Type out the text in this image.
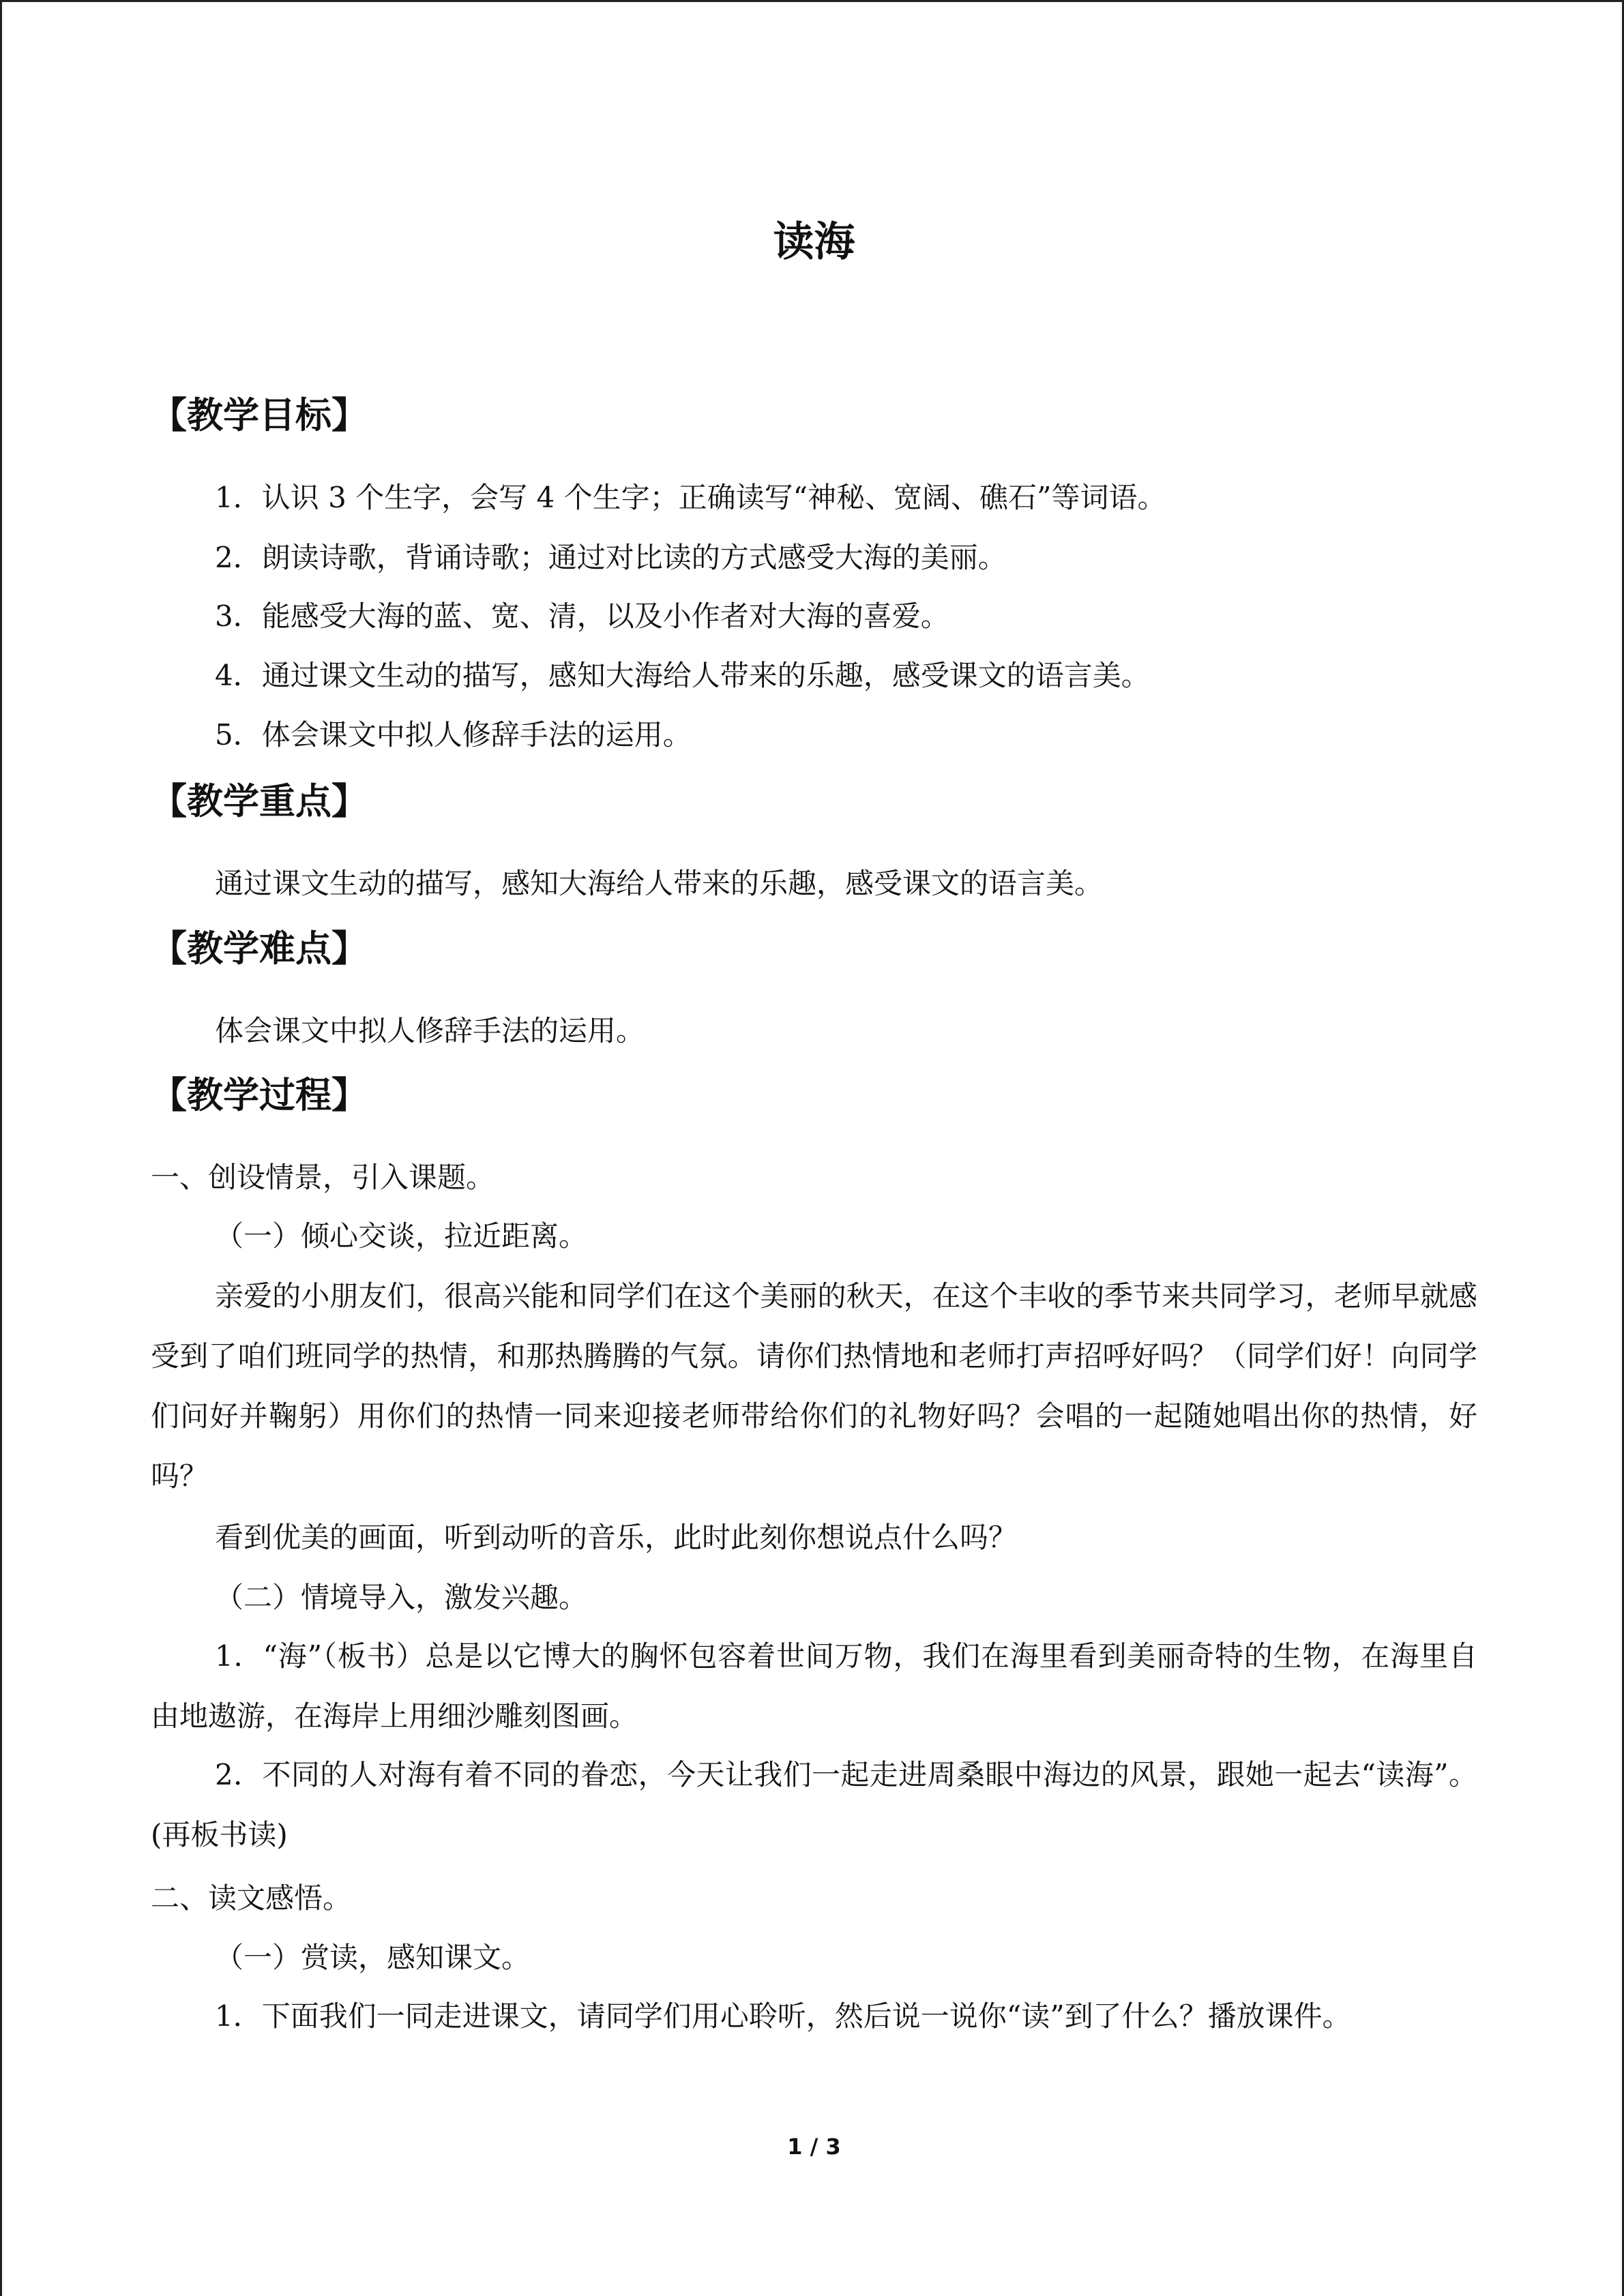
读海
【教学目标】
1．认识 3 个生字，会写 4 个生字；正确读写“神秘、宽阔、礁石”等词语。
2．朗读诗歌，背诵诗歌；通过对比读的方式感受大海的美丽。
3．能感受大海的蓝、宽、清，以及小作者对大海的喜爱。
4．通过课文生动的描写，感知大海给人带来的乐趣，感受课文的语言美。
5．体会课文中拟人修辞手法的运用。
【教学重点】
通过课文生动的描写，感知大海给人带来的乐趣，感受课文的语言美。
【教学难点】
体会课文中拟人修辞手法的运用。
【教学过程】
一、创设情景，引入课题。
（一）倾心交谈，拉近距离。
亲爱的小朋友们，很高兴能和同学们在这个美丽的秋天，在这个丰收的季节来共同学习，老师早就感受到了咱们班同学的热情，和那热腾腾的气氛。请你们热情地和老师打声招呼好吗？（同学们好！向同学们问好并鞠躬）用你们的热情一同来迎接老师带给你们的礼物好吗？会唱的一起随她唱出你的热情，好吗？
看到优美的画面，听到动听的音乐，此时此刻你想说点什么吗？
（二）情境导入，激发兴趣。
1．“海”（板书）总是以它博大的胸怀包容着世间万物，我们在海里看到美丽奇特的生物，在海里自由地遨游，在海岸上用细沙雕刻图画。
2．不同的人对海有着不同的眷恋，今天让我们一起走进周桑眼中海边的风景，跟她一起去“读海”。(再板书读)
二、读文感悟。
（一）赏读，感知课文。
1．下面我们一同走进课文，请同学们用心聆听，然后说一说你“读”到了什么？播放课件。
1 / 3
